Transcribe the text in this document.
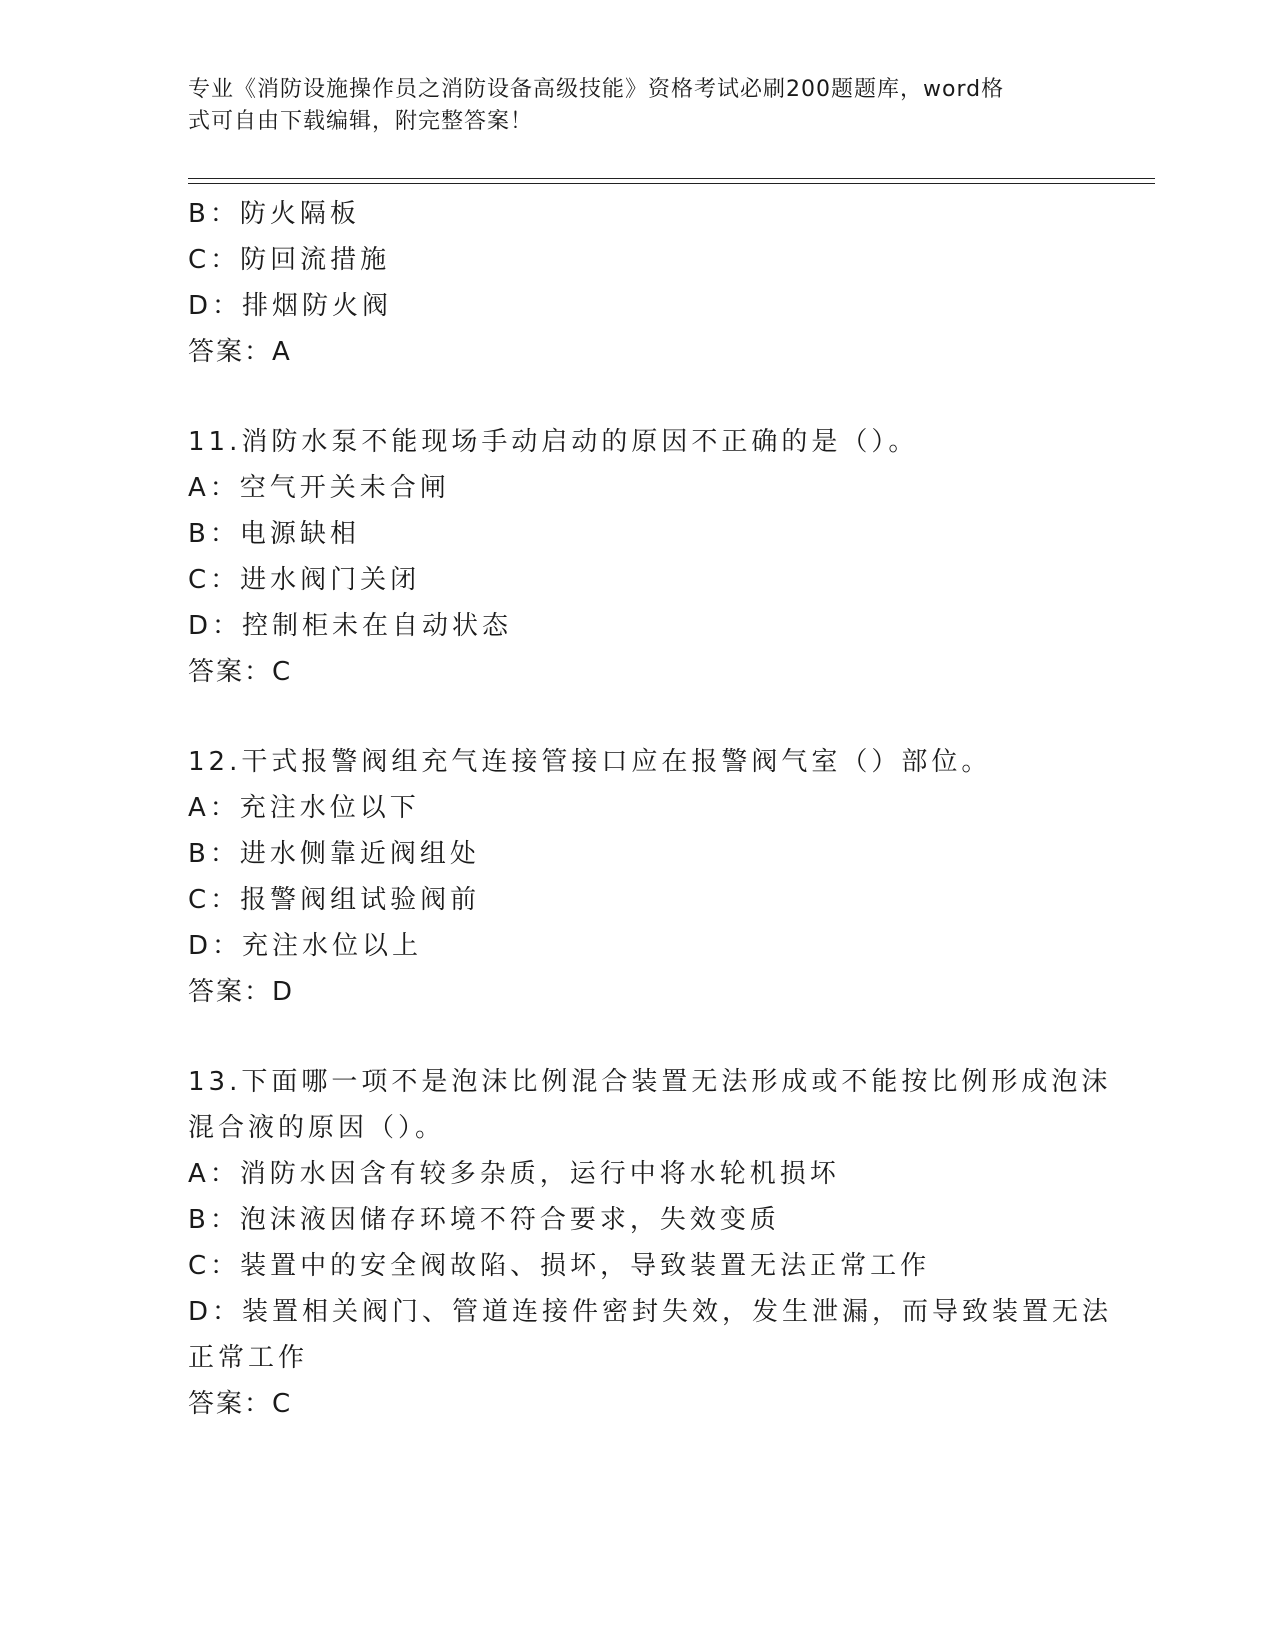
专业《消防设施操作员之消防设备高级技能》资格考试必刷200题题库，word格
式可自由下载编辑，附完整答案！
B：防火隔板
C：防回流措施
D：排烟防火阀
答案：A
11.消防水泵不能现场手动启动的原因不正确的是（）。
A：空气开关未合闸
B：电源缺相
C：进水阀门关闭
D：控制柜未在自动状态
答案：C
12.干式报警阀组充气连接管接口应在报警阀气室（）部位。
A：充注水位以下
B：进水侧靠近阀组处
C：报警阀组试验阀前
D：充注水位以上
答案：D
13.下面哪一项不是泡沫比例混合装置无法形成或不能按比例形成泡沫
混合液的原因（）。
A：消防水因含有较多杂质，运行中将水轮机损坏
B：泡沫液因储存环境不符合要求，失效变质
C：装置中的安全阀故陷、损坏，导致装置无法正常工作
D：装置相关阀门、管道连接件密封失效，发生泄漏，而导致装置无法
正常工作
答案：C
